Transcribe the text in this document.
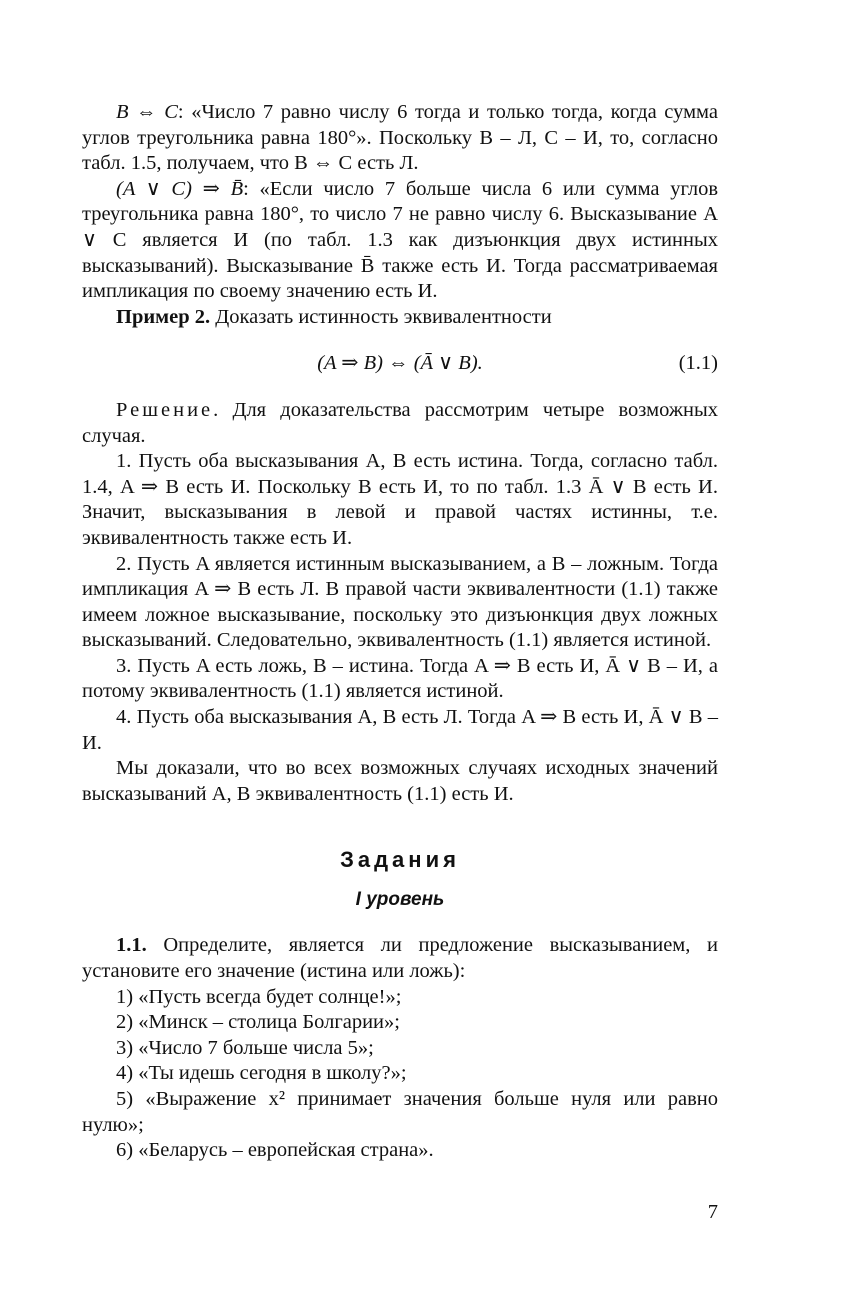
B ⇔ C: «Число 7 равно числу 6 тогда и только тогда, когда сумма углов треугольника равна 180°». Поскольку B – Л, C – И, то, согласно табл. 1.5, получаем, что B ⇔ C есть Л.

(A ∨ C) ⇒ B̄: «Если число 7 больше числа 6 или сумма углов треугольника равна 180°, то число 7 не равно числу 6. Высказывание A ∨ C является И (по табл. 1.3 как дизъюнкция двух истинных высказываний). Высказывание B̄ также есть И. Тогда рассматриваемая импликация по своему значению есть И.

Пример 2. Доказать истинность эквивалентности

(A ⇒ B) ⇔ (Ā ∨ B).	(1.1)

Решение. Для доказательства рассмотрим четыре возможных случая.

1. Пусть оба высказывания A, B есть истина. Тогда, согласно табл. 1.4, A ⇒ B есть И. Поскольку B есть И, то по табл. 1.3 Ā ∨ B есть И. Значит, высказывания в левой и правой частях истинны, т.е. эквивалентность также есть И.

2. Пусть A является истинным высказыванием, а B – ложным. Тогда импликация A ⇒ B есть Л. В правой части эквивалентности (1.1) также имеем ложное высказывание, поскольку это дизъюнкция двух ложных высказываний. Следовательно, эквивалентность (1.1) является истиной.

3. Пусть A есть ложь, B – истина. Тогда A ⇒ B есть И, Ā ∨ B – И, а потому эквивалентность (1.1) является истиной.

4. Пусть оба высказывания A, B есть Л. Тогда A ⇒ B есть И, Ā ∨ B – И.

Мы доказали, что во всех возможных случаях исходных значений высказываний A, B эквивалентность (1.1) есть И.

Задания
I уровень

1.1. Определите, является ли предложение высказыванием, и установите его значение (истина или ложь):

1) «Пусть всегда будет солнце!»;

2) «Минск – столица Болгарии»;

3) «Число 7 больше числа 5»;

4) «Ты идешь сегодня в школу?»;

5) «Выражение x² принимает значения больше нуля или равно нулю»;

6) «Беларусь – европейская страна».

7
